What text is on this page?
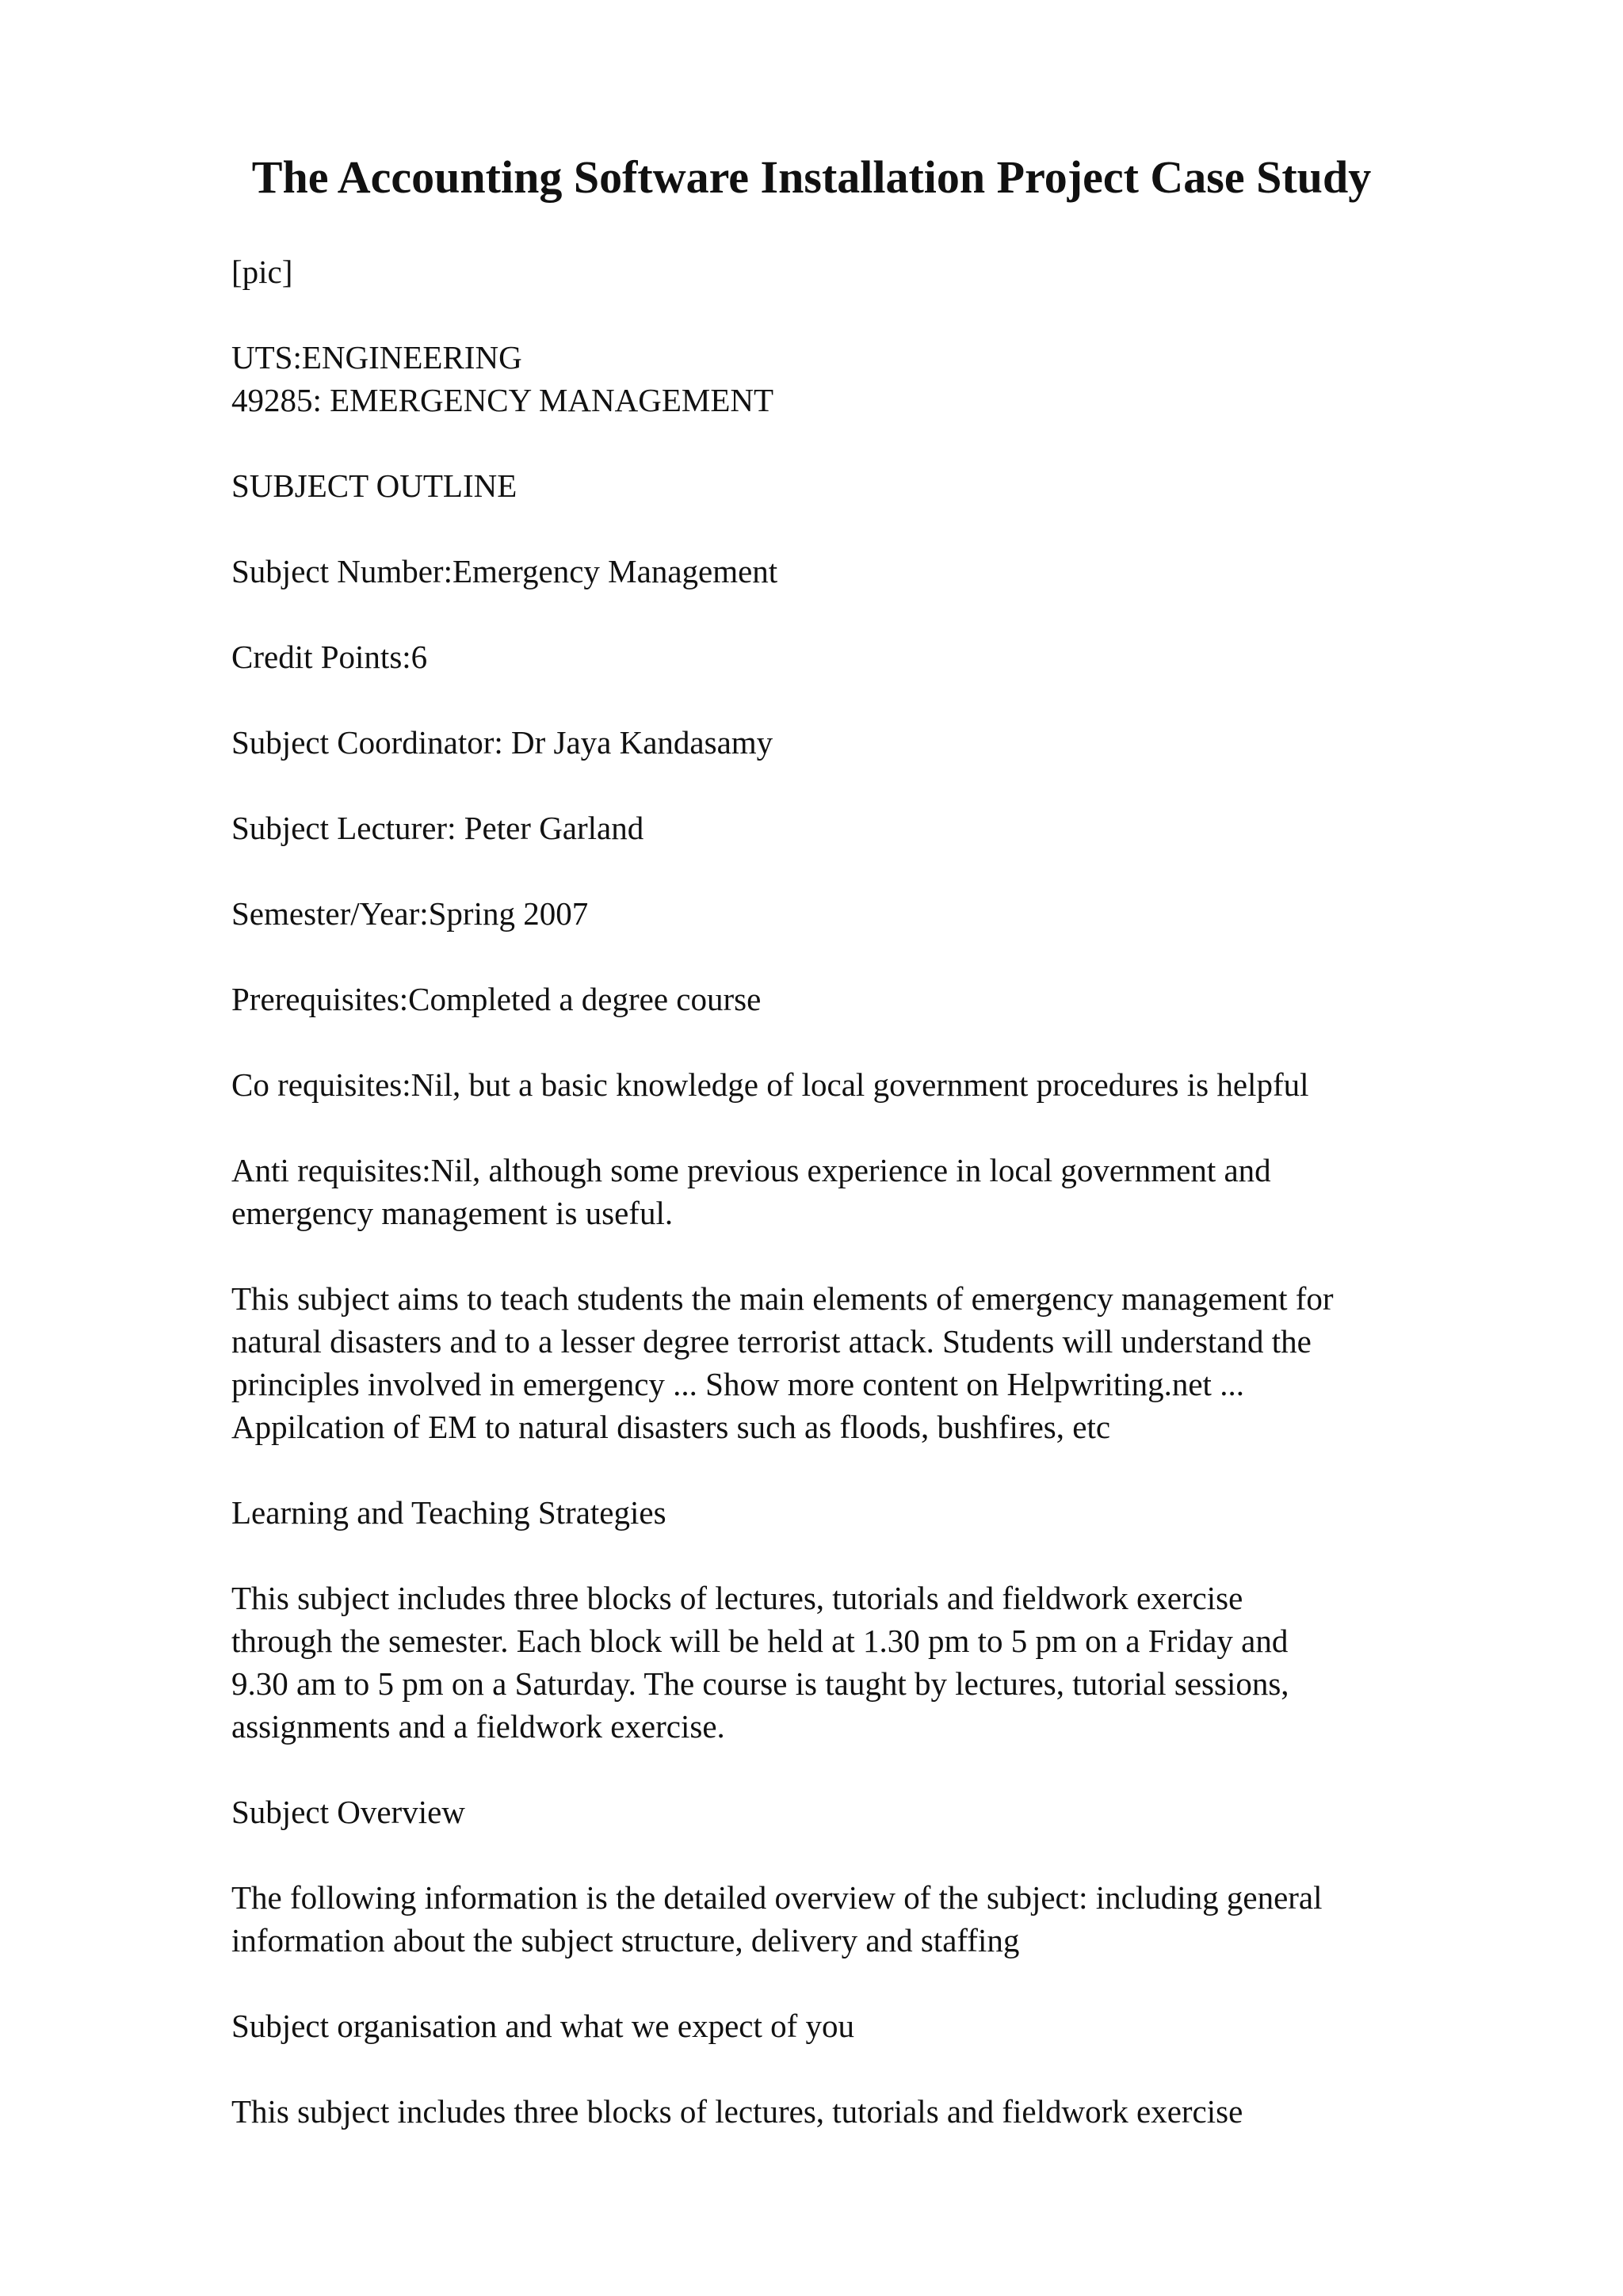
The Accounting Software Installation Project Case Study

[pic]

UTS:ENGINEERING
49285: EMERGENCY MANAGEMENT

SUBJECT OUTLINE

Subject Number:Emergency Management

Credit Points:6

Subject Coordinator: Dr Jaya Kandasamy

Subject Lecturer: Peter Garland

Semester/Year:Spring 2007

Prerequisites:Completed a degree course

Co requisites:Nil, but a basic knowledge of local government procedures is helpful

Anti requisites:Nil, although some previous experience in local government and
emergency management is useful.

This subject aims to teach students the main elements of emergency management for
natural disasters and to a lesser degree terrorist attack. Students will understand the
principles involved in emergency ... Show more content on Helpwriting.net ...
Appilcation of EM to natural disasters such as floods, bushfires, etc

Learning and Teaching Strategies

This subject includes three blocks of lectures, tutorials and fieldwork exercise
through the semester. Each block will be held at 1.30 pm to 5 pm on a Friday and
9.30 am to 5 pm on a Saturday. The course is taught by lectures, tutorial sessions,
assignments and a fieldwork exercise.

Subject Overview

The following information is the detailed overview of the subject: including general
information about the subject structure, delivery and staffing

Subject organisation and what we expect of you

This subject includes three blocks of lectures, tutorials and fieldwork exercise
